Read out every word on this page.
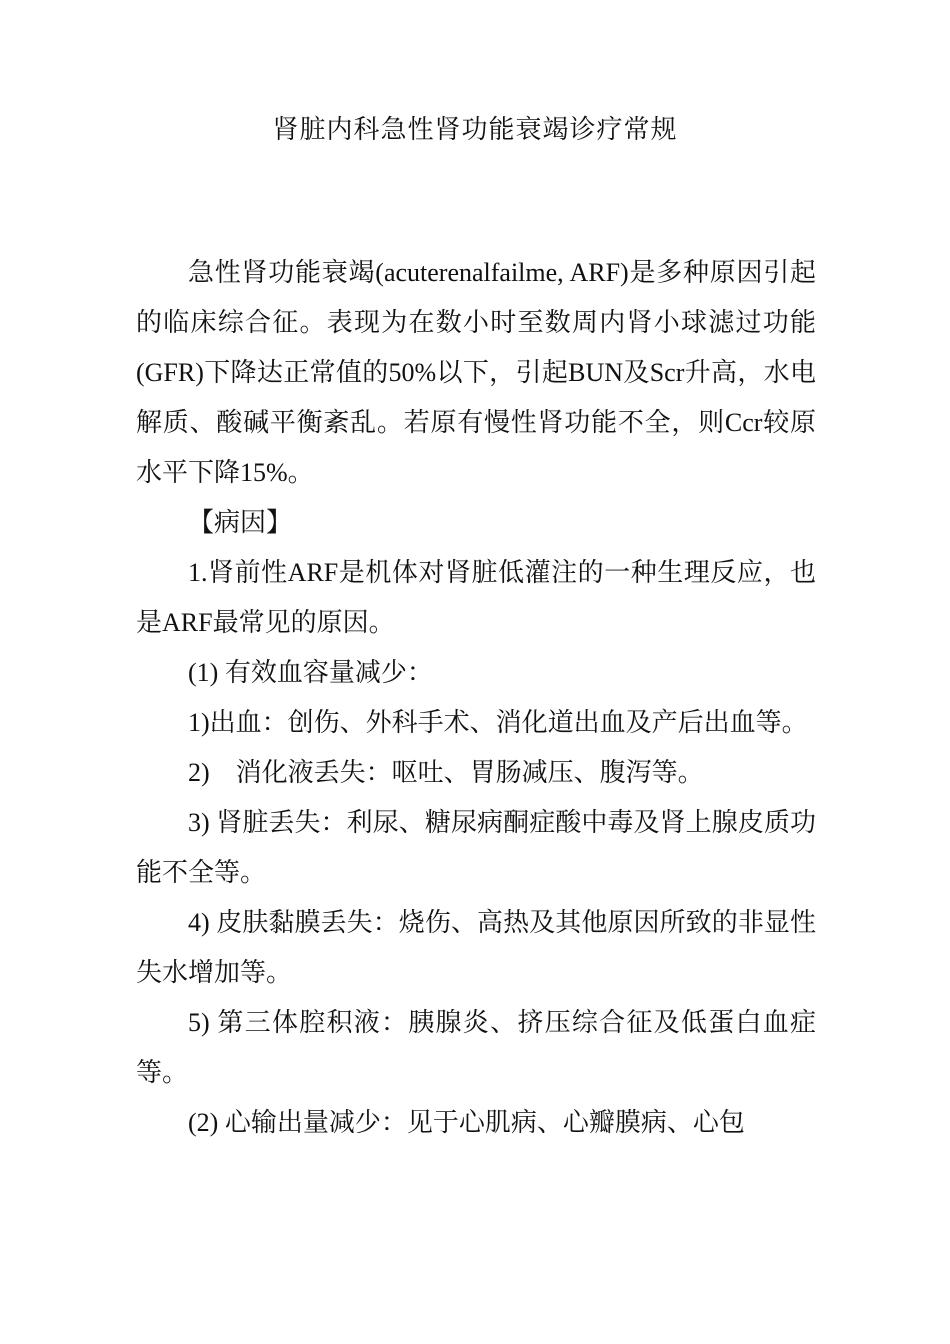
肾脏内科急性肾功能衰竭诊疗常规

急性肾功能衰竭(acuterenalfailme, ARF)是多种原因引起的临床综合征。表现为在数小时至数周内肾小球滤过功能(GFR)下降达正常值的50%以下，引起BUN及Scr升高，水电解质、酸碱平衡紊乱。若原有慢性肾功能不全，则Ccr较原水平下降15%。

【病因】

1.肾前性ARF是机体对肾脏低灌注的一种生理反应，也是ARF最常见的原因。

(1) 有效血容量减少：

1)出血：创伤、外科手术、消化道出血及产后出血等。

2)　消化液丢失：呕吐、胃肠减压、腹泻等。

3) 肾脏丢失：利尿、糖尿病酮症酸中毒及肾上腺皮质功能不全等。

4) 皮肤黏膜丢失：烧伤、高热及其他原因所致的非显性失水增加等。

5) 第三体腔积液：胰腺炎、挤压综合征及低蛋白血症等。

(2) 心输出量减少：见于心肌病、心瓣膜病、心包
